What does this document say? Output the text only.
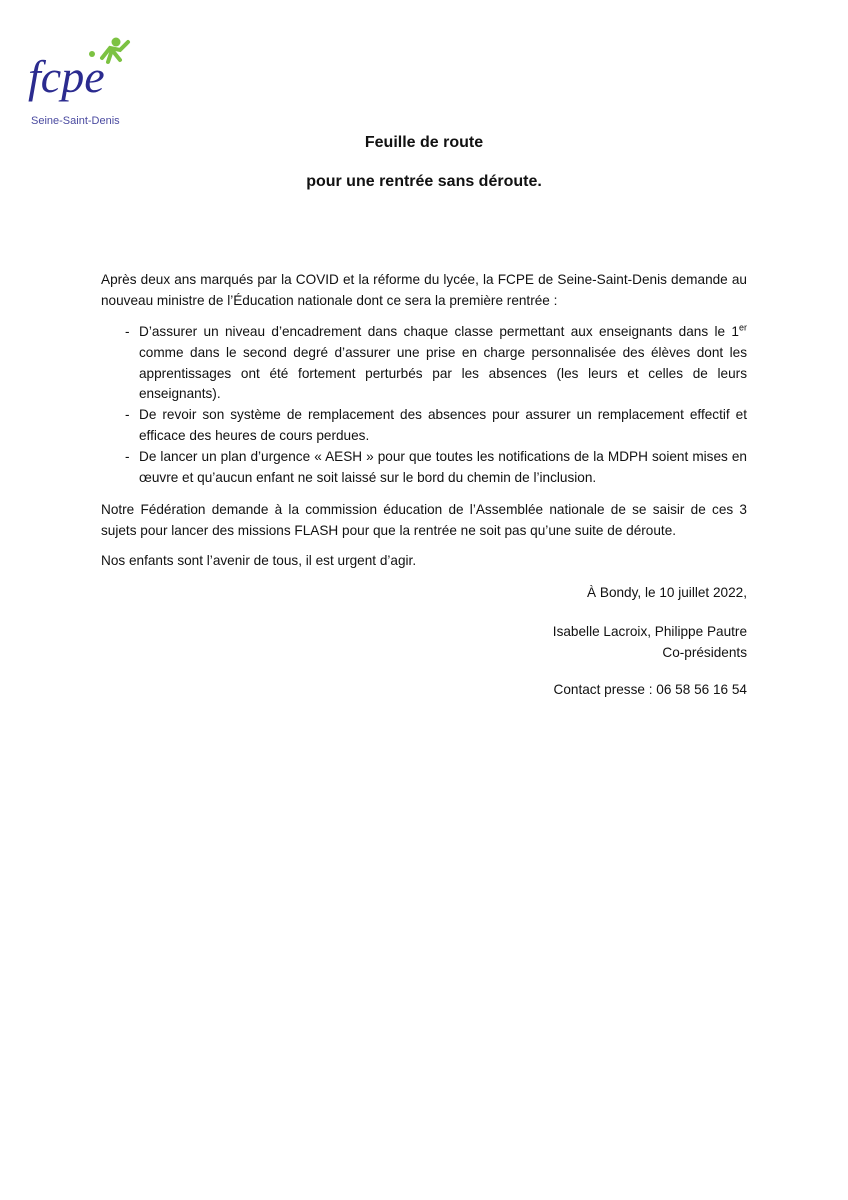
fcpe
Seine-Saint-Denis
Feuille de route
pour une rentrée sans déroute.

Après deux ans marqués par la COVID et la réforme du lycée, la FCPE de Seine-Saint-Denis demande au nouveau ministre de l’Éducation nationale dont ce sera la première rentrée :

- D’assurer un niveau d’encadrement dans chaque classe permettant aux enseignants dans le 1er comme dans le second degré d’assurer une prise en charge personnalisée des élèves dont les apprentissages ont été fortement perturbés par les absences (les leurs et celles de leurs enseignants).
- De revoir son système de remplacement des absences pour assurer un remplacement effectif et efficace des heures de cours perdues.
- De lancer un plan d’urgence « AESH » pour que toutes les notifications de la MDPH soient mises en œuvre et qu’aucun enfant ne soit laissé sur le bord du chemin de l’inclusion.

Notre Fédération demande à la commission éducation de l’Assemblée nationale de se saisir de ces 3 sujets pour lancer des missions FLASH pour que la rentrée ne soit pas qu’une suite de déroute.

Nos enfants sont l’avenir de tous, il est urgent d’agir.

À Bondy, le 10 juillet 2022,
Isabelle Lacroix, Philippe Pautre
Co-présidents
Contact presse : 06 58 56 16 54
